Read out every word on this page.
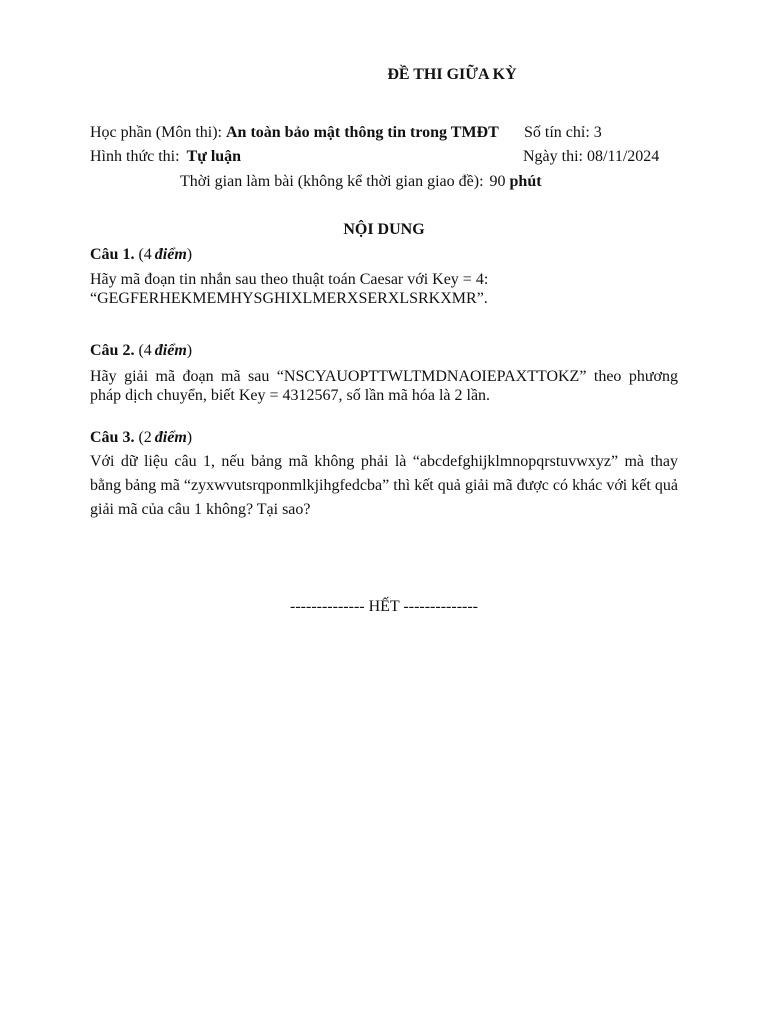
ĐỀ THI GIỮA KỲ
Học phần (Môn thi): An toàn bảo mật thông tin trong TMĐT Số tín chỉ: 3
Hình thức thi: Tự luận	Ngày thi: 08/11/2024
Thời gian làm bài (không kể thời gian giao đề): 90 phút
NỘI DUNG
Câu 1. (4 điểm)
Hãy mã đoạn tin nhắn sau theo thuật toán Caesar với Key = 4: “GEGFERHEKMEMHYSGHIXLMERXSERXLSRKXMR”.
Câu 2. (4 điểm)
Hãy giải mã đoạn mã sau “NSCYAUOPTTWLTMDNAOIEPAXTTOKZ” theo phương pháp dịch chuyển, biết Key = 4312567, số lần mã hóa là 2 lần.
Câu 3. (2 điểm)
Với dữ liệu câu 1, nếu bảng mã không phải là “abcdefghijklmnopqrstuvwxyz” mà thay bằng bảng mã “zyxwvutsrqponmlkjihgfedcba” thì kết quả giải mã được có khác với kết quả giải mã của câu 1 không? Tại sao?
-------------- HẾT --------------
